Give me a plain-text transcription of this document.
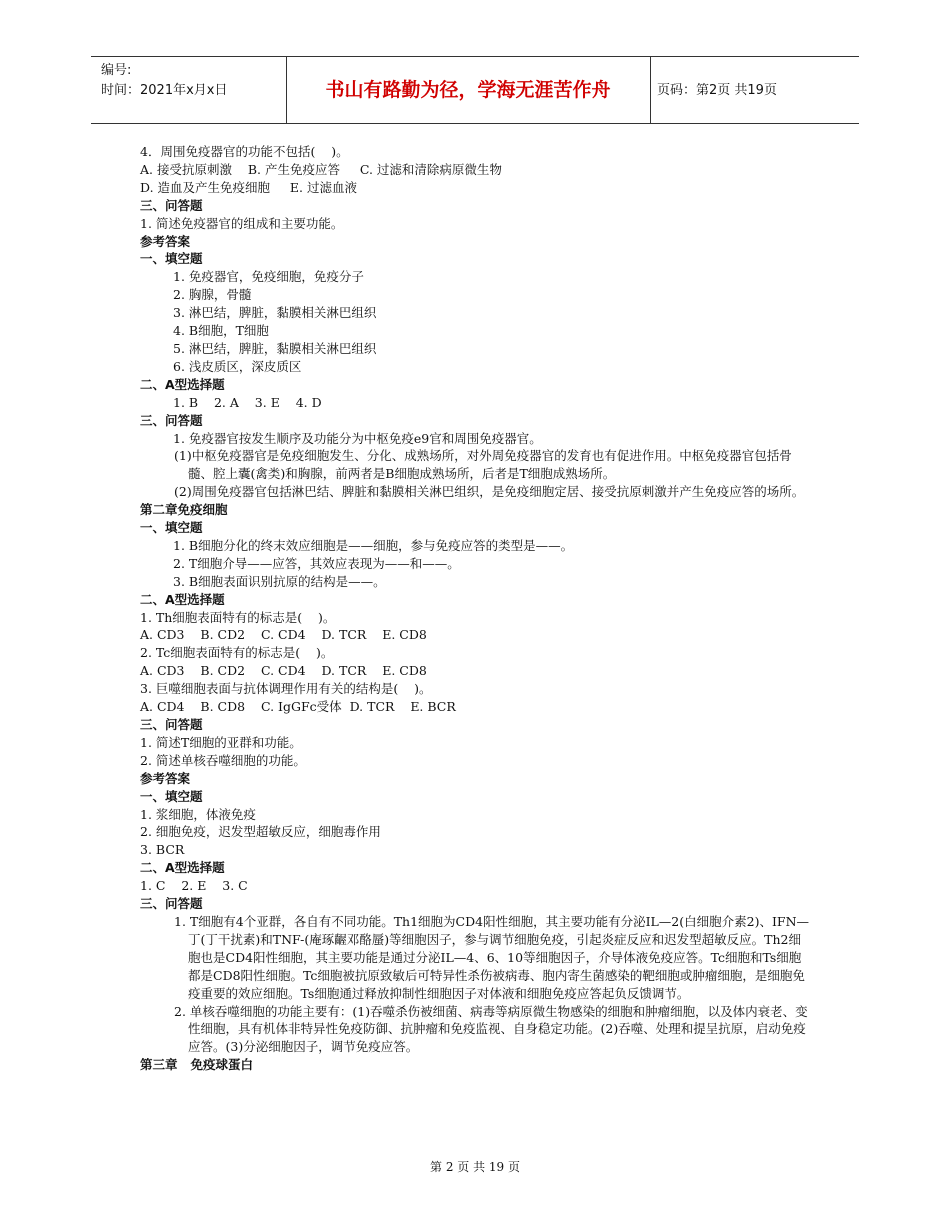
编号:
时间：2021年x月x日	书山有路勤为径，学海无涯苦作舟	页码：第2页 共19页
4．周围免疫器官的功能不包括(    )。
A. 接受抗原刺激    B. 产生免疫应答     C. 过滤和清除病原微生物
D. 造血及产生免疫细胞     E. 过滤血液
三、问答题
1. 简述免疫器官的组成和主要功能。
参考答案
一、填空题
1. 免疫器官，免疫细胞，免疫分子
2. 胸腺，骨髓
3. 淋巴结，脾脏，黏膜相关淋巴组织
4. B细胞，T细胞
5. 淋巴结，脾脏，黏膜相关淋巴组织
6. 浅皮质区，深皮质区
二、A型选择题
1. B    2. A    3. E    4. D
三、问答题
1. 免疫器官按发生顺序及功能分为中枢免疫e9官和周围免疫器官。
(1)中枢免疫器官是免疫细胞发生、分化、成熟场所，对外周免疫器官的发育也有促进作用。中枢免疫器官包括骨髓、腔上囊(禽类)和胸腺，前两者是B细胞成熟场所，后者是T细胞成熟场所。
(2)周围免疫器官包括淋巴结、脾脏和黏膜相关淋巴组织，是免疫细胞定居、接受抗原刺激并产生免疫应答的场所。
第二章免疫细胞
一、填空题
1. B细胞分化的终末效应细胞是——细胞，参与免疫应答的类型是——。
2. T细胞介导——应答，其效应表现为——和——。
3. B细胞表面识别抗原的结构是——。
二、A型选择题
1. Th细胞表面特有的标志是(    )。
A. CD3    B. CD2    C. CD4    D. TCR    E. CD8
2. Tc细胞表面特有的标志是(    )。
A. CD3    B. CD2    C. CD4    D. TCR    E. CD8
3. 巨噬细胞表面与抗体调理作用有关的结构是(    )。
A. CD4    B. CD8    C. IgGFc受体  D. TCR    E. BCR
三、问答题
1. 简述T细胞的亚群和功能。
2. 简述单核吞噬细胞的功能。
参考答案
一、填空题
1. 浆细胞，体液免疫
2. 细胞免疫，迟发型超敏反应，细胞毒作用
3. BCR
二、A型选择题
1. C    2. E    3. C
三、问答题
1. T细胞有4个亚群，各自有不同功能。Th1细胞为CD4阳性细胞，其主要功能有分泌IL—2(白细胞介素2)、IFN—丁(丁干扰素)和TNF-(庵琢齷邓酪蜃)等细胞因子，参与调节细胞免疫，引起炎症反应和迟发型超敏反应。Th2细胞也是CD4阳性细胞，其主要功能是通过分泌IL—4、6、10等细胞因子，介导体液免疫应答。Tc细胞和Ts细胞都是CD8阳性细胞。Tc细胞被抗原致敏后可特异性杀伤被病毒、胞内寄生菌感染的靶细胞或肿瘤细胞，是细胞免疫重要的效应细胞。Ts细胞通过释放抑制性细胞因子对体液和细胞免疫应答起负反馈调节。
2. 单核吞噬细胞的功能主要有：(1)吞噬杀伤被细菌、病毒等病原微生物感染的细胞和肿瘤细胞，以及体内衰老、变性细胞，具有机体非特异性免疫防御、抗肿瘤和免疫监视、自身稳定功能。(2)吞噬、处理和提呈抗原，启动免疫应答。(3)分泌细胞因子，调节免疫应答。
第三章   免疫球蛋白
第 2 页 共 19 页
